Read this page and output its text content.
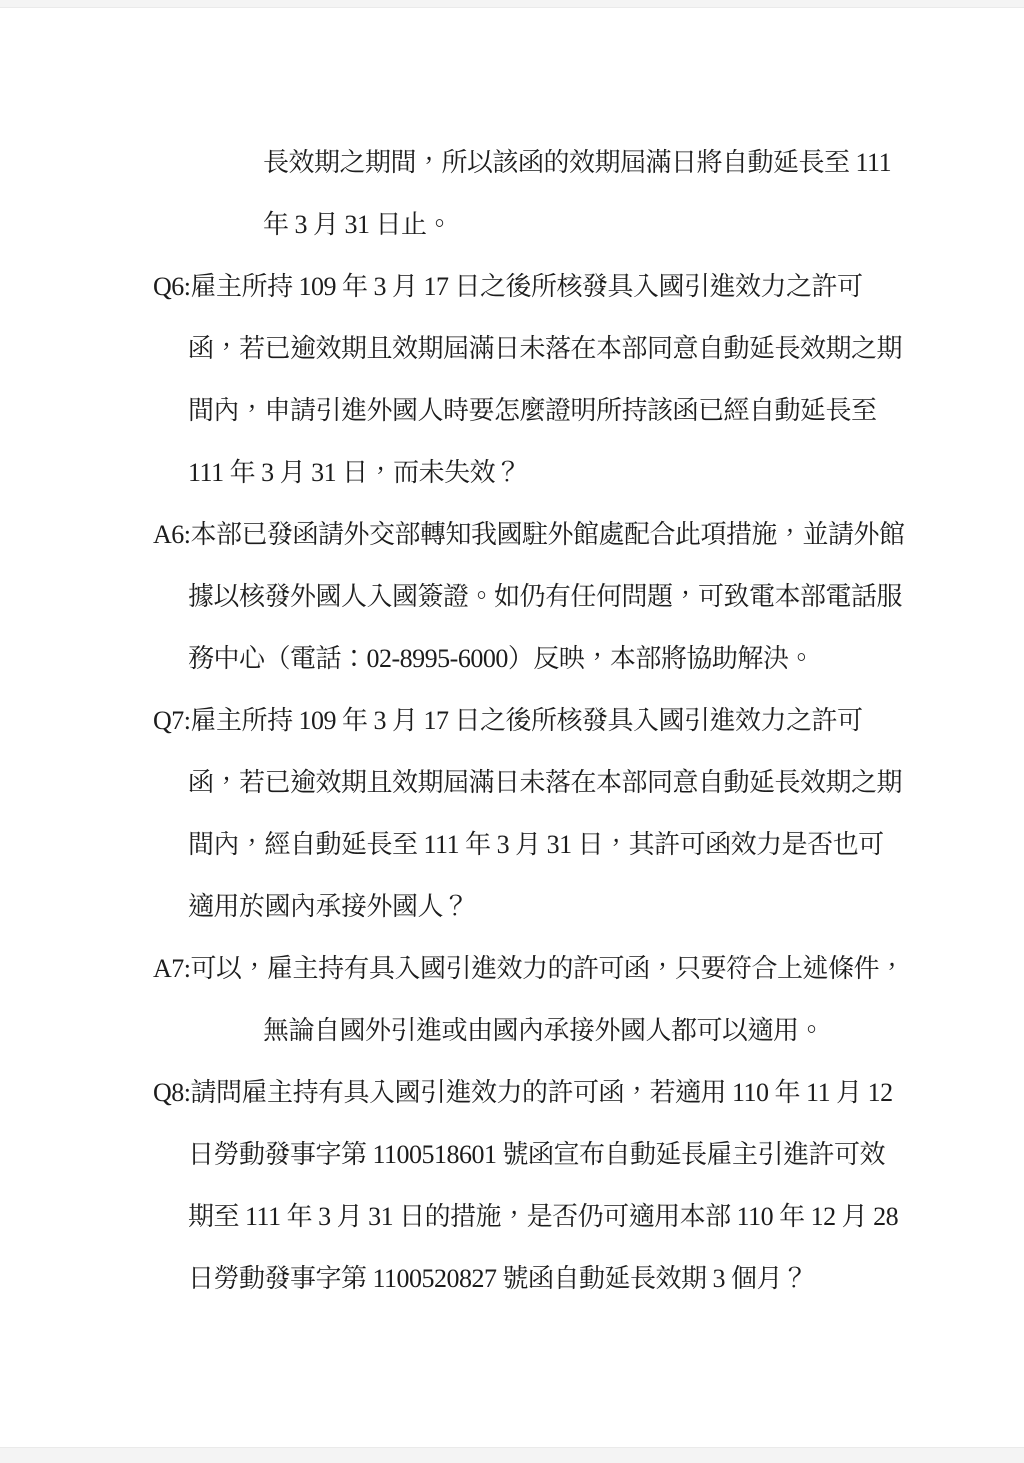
長效期之期間，所以該函的效期屆滿日將自動延長至 111
年 3 月 31 日止。
Q6:雇主所持 109 年 3 月 17 日之後所核發具入國引進效力之許可
函，若已逾效期且效期屆滿日未落在本部同意自動延長效期之期
間內，申請引進外國人時要怎麼證明所持該函已經自動延長至
111 年 3 月 31 日，而未失效？
A6:本部已發函請外交部轉知我國駐外館處配合此項措施，並請外館
據以核發外國人入國簽證。如仍有任何問題，可致電本部電話服
務中心（電話：02-8995-6000）反映，本部將協助解決。
Q7:雇主所持 109 年 3 月 17 日之後所核發具入國引進效力之許可
函，若已逾效期且效期屆滿日未落在本部同意自動延長效期之期
間內，經自動延長至 111 年 3 月 31 日，其許可函效力是否也可
適用於國內承接外國人？
A7:可以，雇主持有具入國引進效力的許可函，只要符合上述條件，
無論自國外引進或由國內承接外國人都可以適用。
Q8:請問雇主持有具入國引進效力的許可函，若適用 110 年 11 月 12
日勞動發事字第 1100518601 號函宣布自動延長雇主引進許可效
期至 111 年 3 月 31 日的措施，是否仍可適用本部 110 年 12 月 28
日勞動發事字第 1100520827 號函自動延長效期 3 個月？
